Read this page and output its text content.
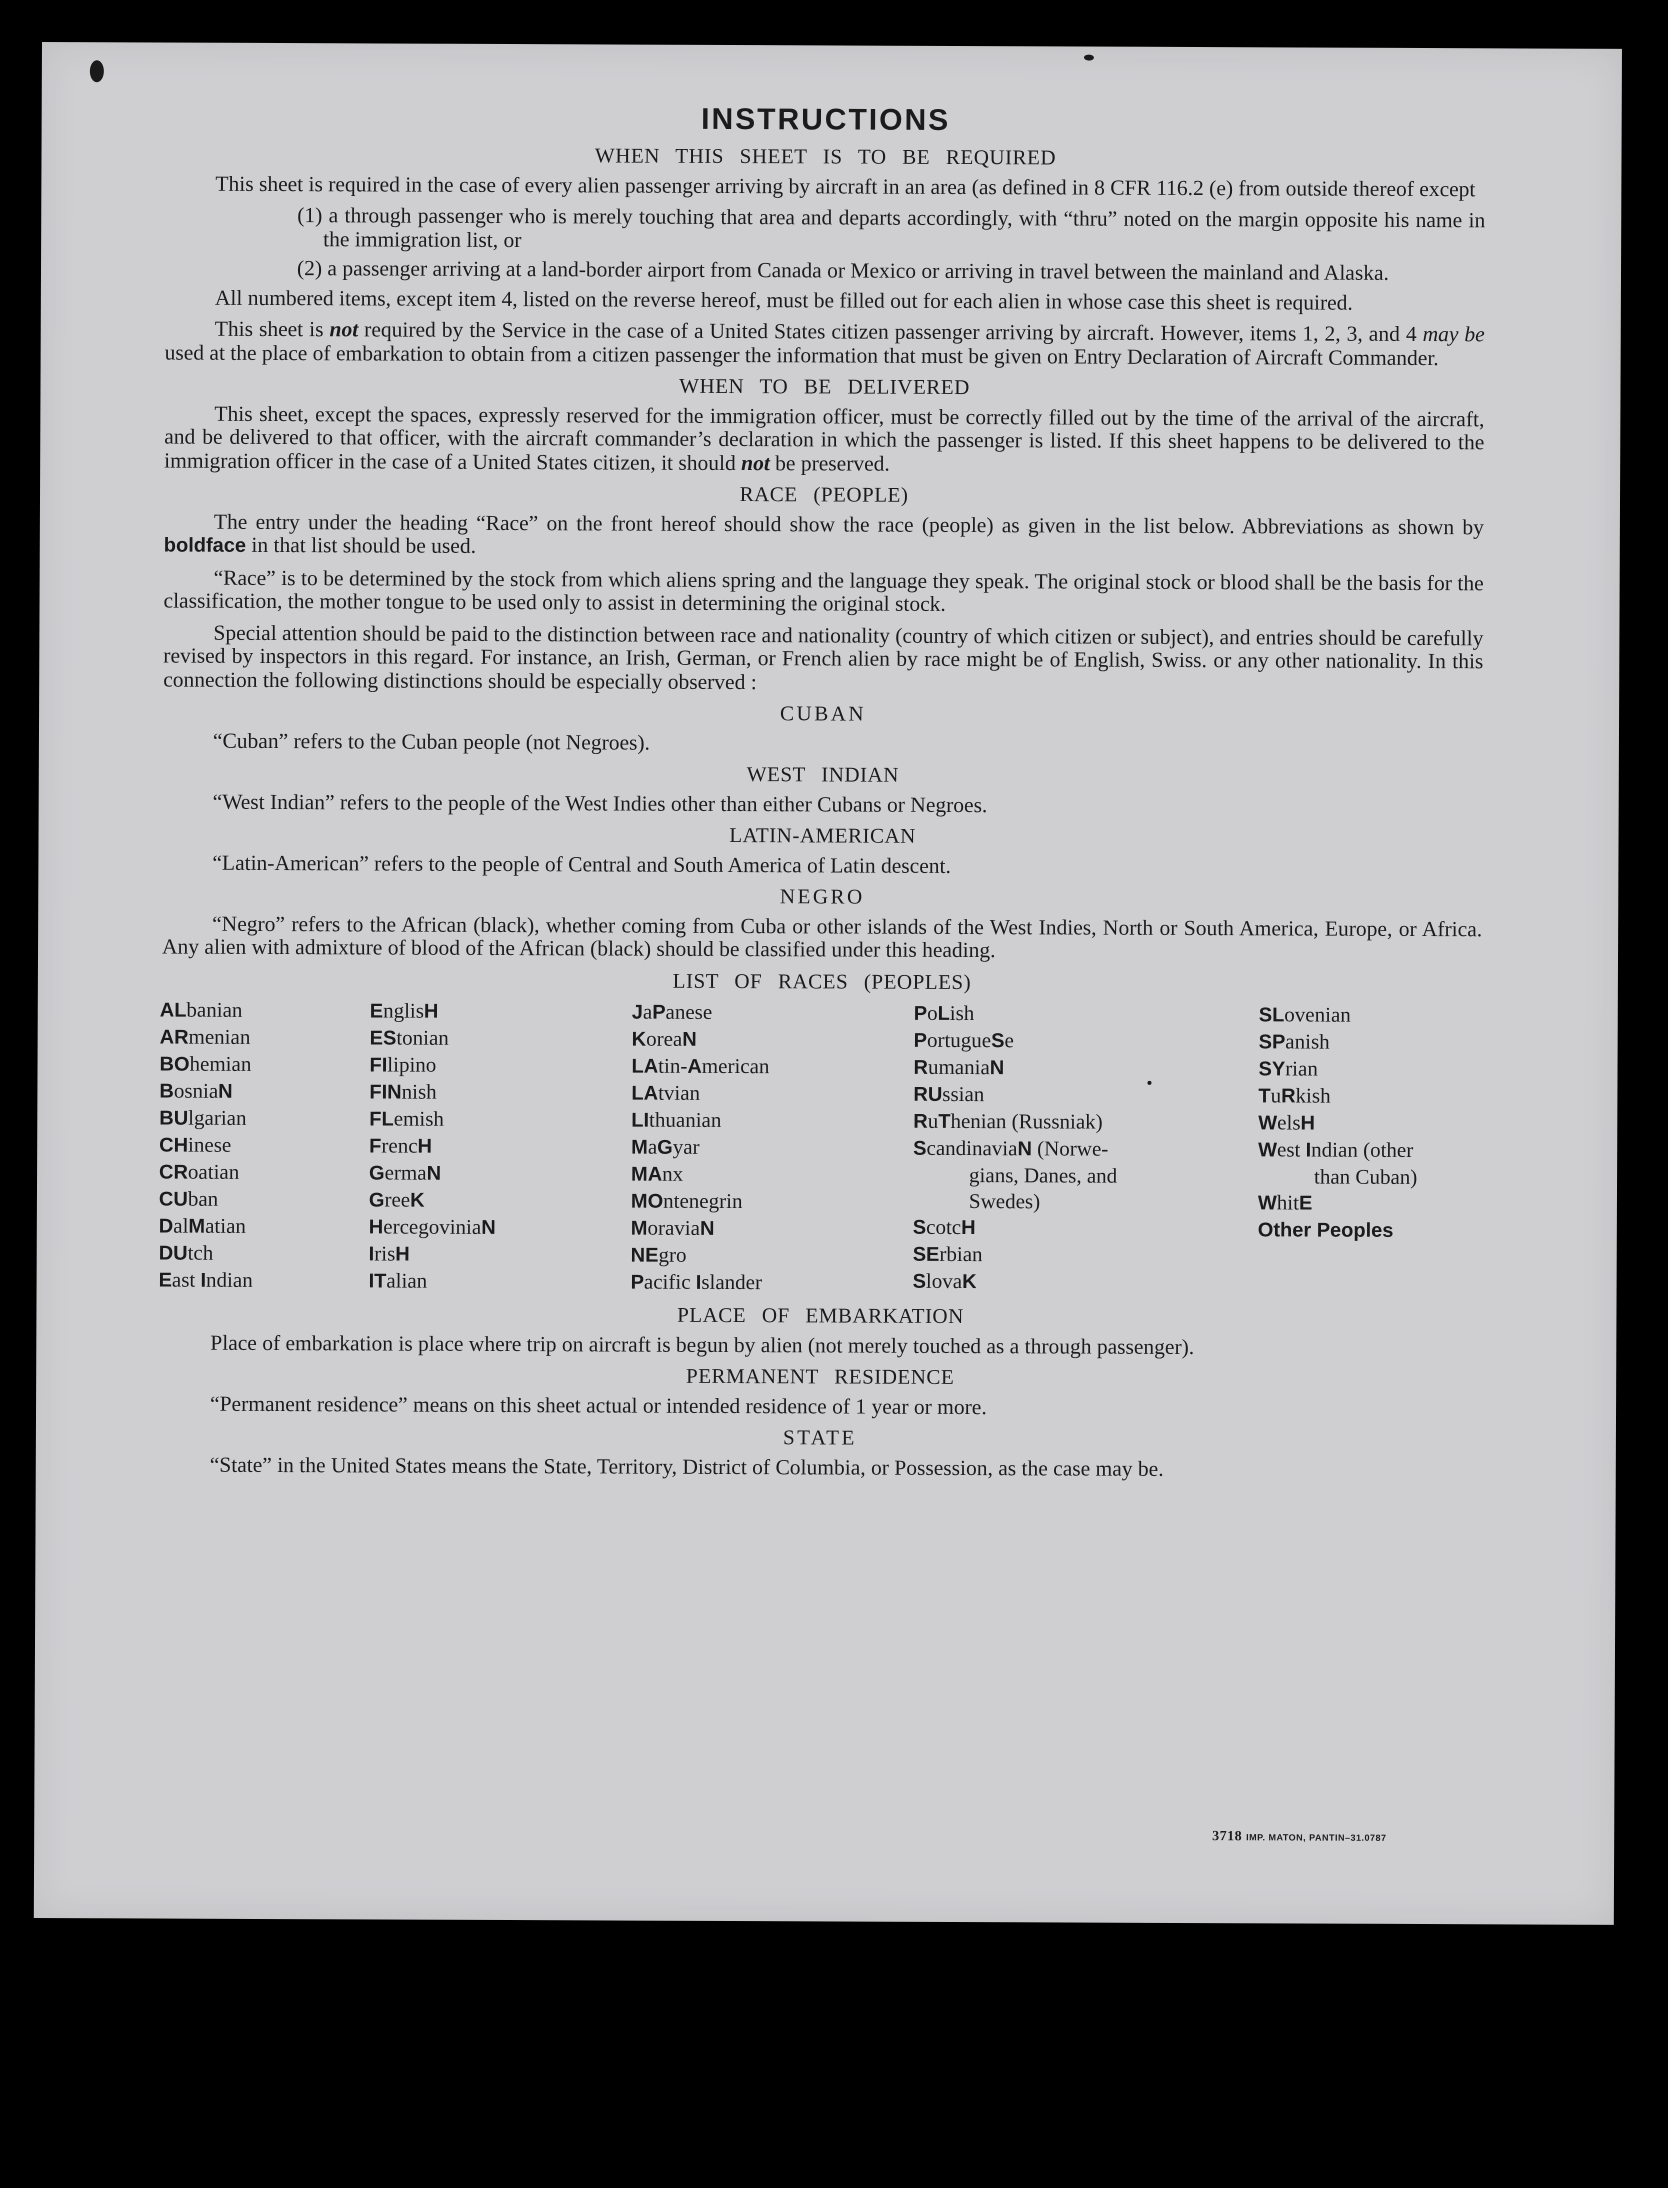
INSTRUCTIONS
WHEN THIS SHEET IS TO BE REQUIRED

This sheet is required in the case of every alien passenger arriving by aircraft in an area (as defined in 8 CFR 116.2 (e) from outside thereof except

(1) a through passenger who is merely touching that area and departs accordingly, with “thru” noted on the margin opposite his name in the immigration list, or
(2) a passenger arriving at a land-border airport from Canada or Mexico or arriving in travel between the mainland and Alaska.

All numbered items, except item 4, listed on the reverse hereof, must be filled out for each alien in whose case this sheet is required.

This sheet is not required by the Service in the case of a United States citizen passenger arriving by aircraft. However, items 1, 2, 3, and 4 may be used at the place of embarkation to obtain from a citizen passenger the information that must be given on Entry Declaration of Aircraft Commander.

WHEN TO BE DELIVERED

This sheet, except the spaces, expressly reserved for the immigration officer, must be correctly filled out by the time of the arrival of the aircraft, and be delivered to that officer, with the aircraft commander’s declaration in which the passenger is listed. If this sheet happens to be delivered to the immigration officer in the case of a United States citizen, it should not be preserved.

RACE (PEOPLE)

The entry under the heading “Race” on the front hereof should show the race (people) as given in the list below. Abbreviations as shown by boldface in that list should be used.

“Race” is to be determined by the stock from which aliens spring and the language they speak. The original stock or blood shall be the basis for the classification, the mother tongue to be used only to assist in determining the original stock.

Special attention should be paid to the distinction between race and nationality (country of which citizen or subject), and entries should be carefully revised by inspectors in this regard. For instance, an Irish, German, or French alien by race might be of English, Swiss. or any other nationality. In this connection the following distinctions should be especially observed :

CUBAN

“Cuban” refers to the Cuban people (not Negroes).

WEST INDIAN

“West Indian” refers to the people of the West Indies other than either Cubans or Negroes.

LATIN-AMERICAN

“Latin-American” refers to the people of Central and South America of Latin descent.

NEGRO

“Negro” refers to the African (black), whether coming from Cuba or other islands of the West Indies, North or South America, Europe, or Africa. Any alien with admixture of blood of the African (black) should be classified under this heading.

LIST OF RACES (PEOPLES)
ALbanian
ARmenian
BOhemian
BosniaN
BUlgarian
CHinese
CRoatian
CUban
DalMatian
DUtch
East Indian
EnglisH
EStonian
FIlipino
FINnish
FLemish
FrencH
GermaN
GreeK
HercegoviniaN
IrisH
ITalian
JaPanese
KoreaN
LAtin-American
LAtvian
LIthuanian
MaGyar
MAnx
MOntenegrin
MoraviaN
NEgro
Pacific Islander
PoLish
PortugueSe
RumaniaN
RUssian
RuThenian (Russniak)
ScandinaviaN (Norwe-
gians, Danes, and
Swedes)
ScotcH
SErbian
SlovaK
SLovenian
SPanish
SYrian
TuRkish
WelsH
West Indian (other
than Cuban)
WhitE
Other Peoples
PLACE OF EMBARKATION

Place of embarkation is place where trip on aircraft is begun by alien (not merely touched as a through passenger).

PERMANENT RESIDENCE

“Permanent residence” means on this sheet actual or intended residence of 1 year or more.

STATE

“State” in the United States means the State, Territory, District of Columbia, or Possession, as the case may be.

3718 IMP. MATON, PANTIN–31.0787
